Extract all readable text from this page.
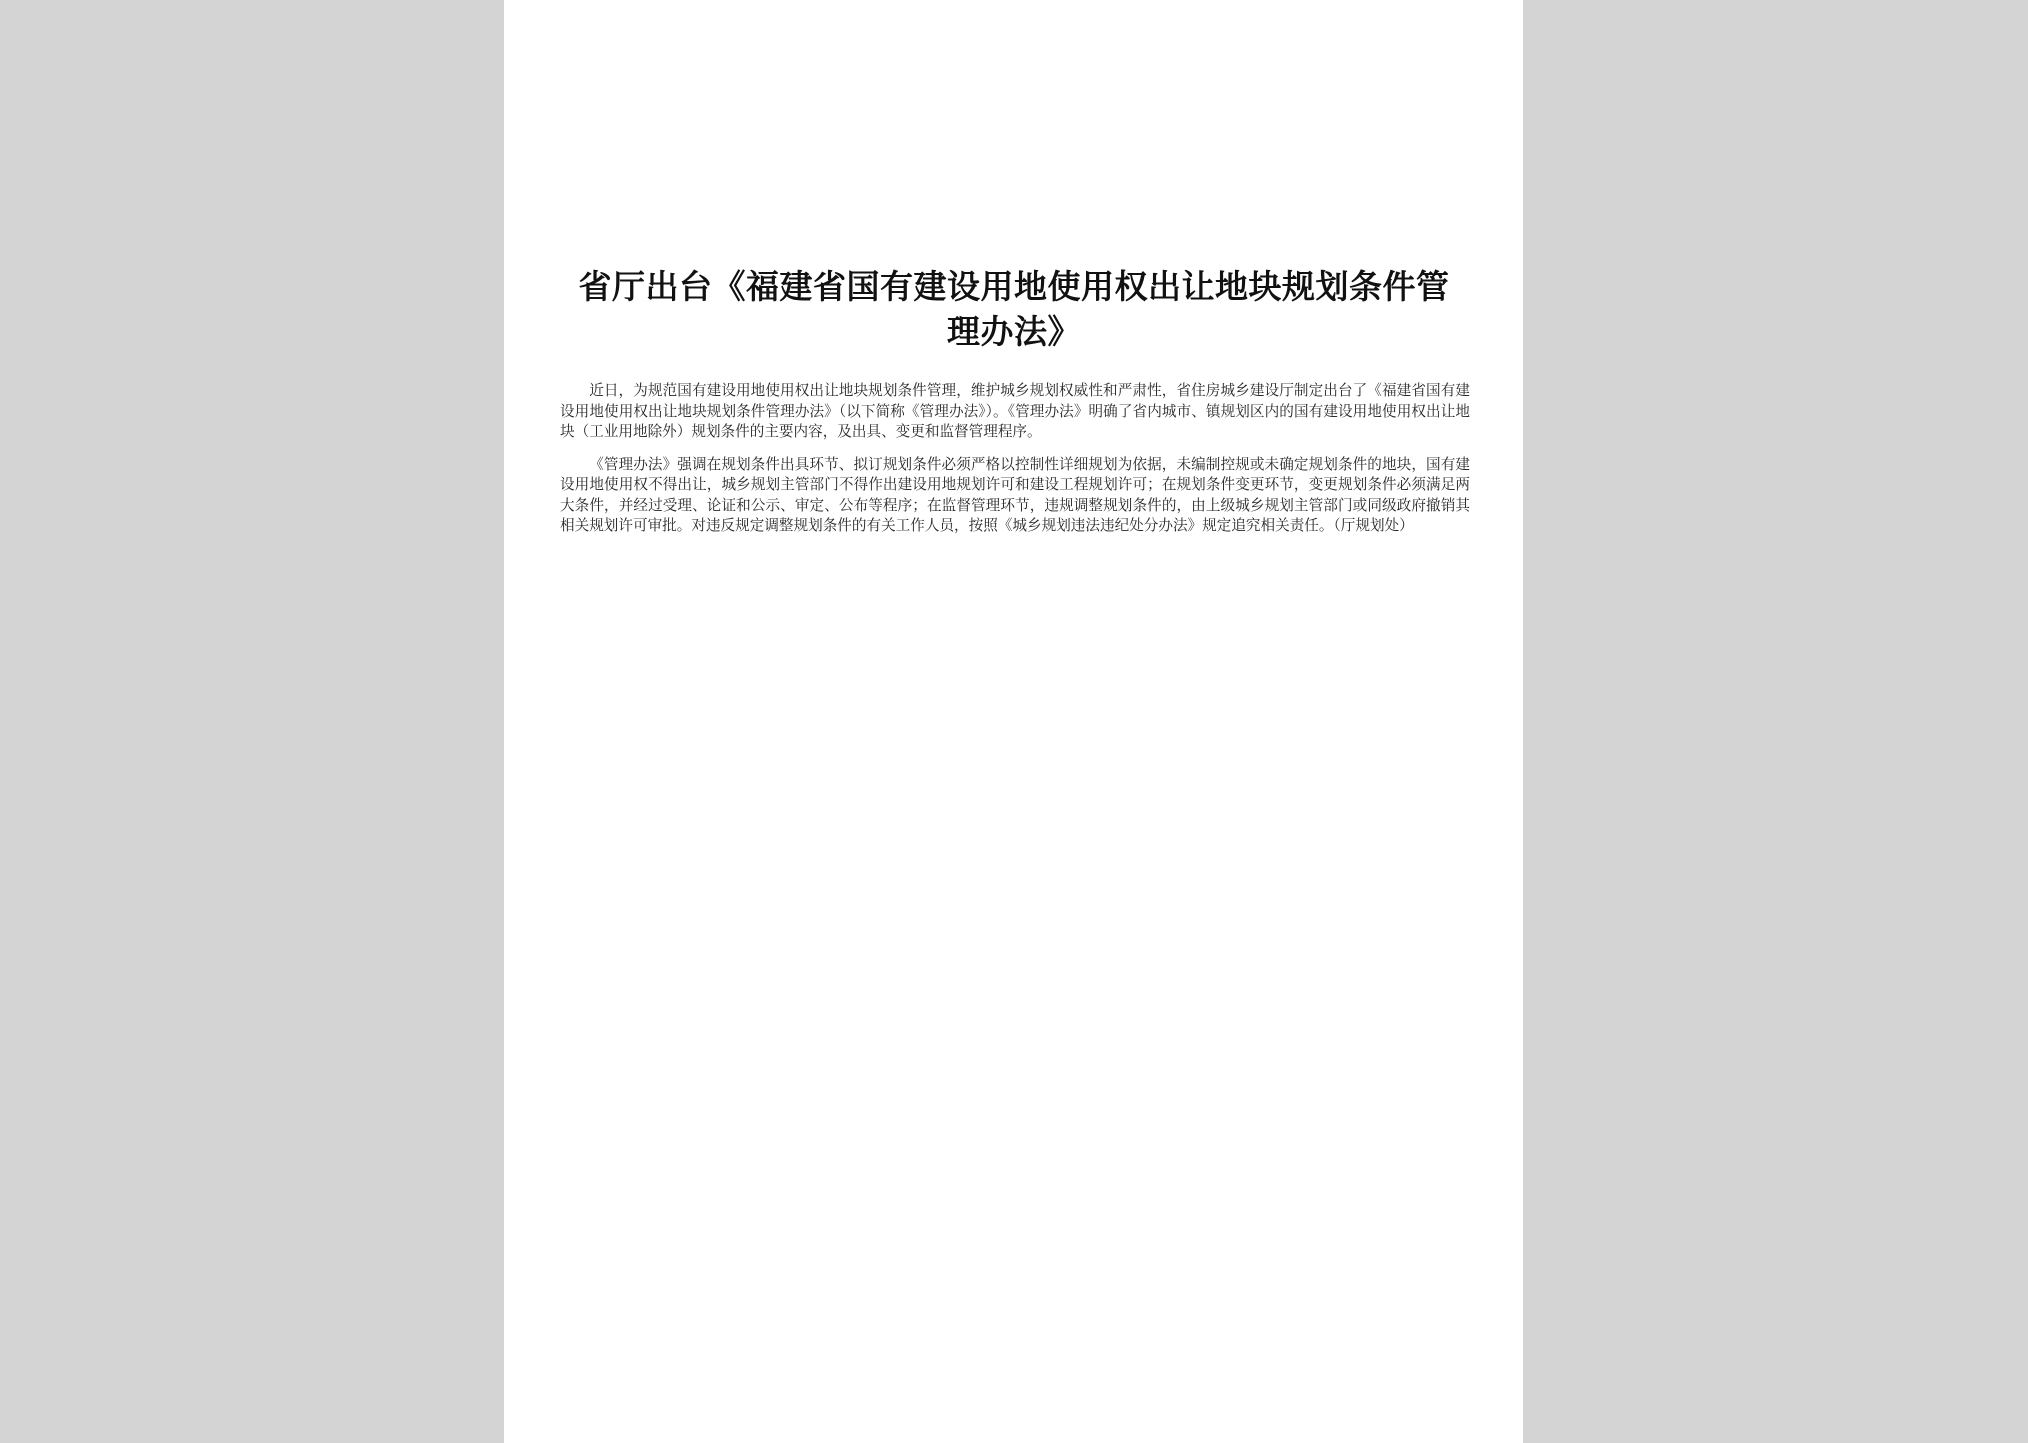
省厅出台《福建省国有建设用地使用权出让地块规划条件管理办法》

近日，为规范国有建设用地使用权出让地块规划条件管理，维护城乡规划权威性和严肃性，省住房城乡建设厅制定出台了《福建省国有建设用地使用权出让地块规划条件管理办法》（以下简称《管理办法》）。《管理办法》明确了省内城市、镇规划区内的国有建设用地使用权出让地块（工业用地除外）规划条件的主要内容，及出具、变更和监督管理程序。

《管理办法》强调在规划条件出具环节、拟订规划条件必须严格以控制性详细规划为依据，未编制控规或未确定规划条件的地块，国有建设用地使用权不得出让，城乡规划主管部门不得作出建设用地规划许可和建设工程规划许可；在规划条件变更环节，变更规划条件必须满足两大条件，并经过受理、论证和公示、审定、公布等程序；在监督管理环节，违规调整规划条件的，由上级城乡规划主管部门或同级政府撤销其相关规划许可审批。对违反规定调整规划条件的有关工作人员，按照《城乡规划违法违纪处分办法》规定追究相关责任。（厅规划处）
